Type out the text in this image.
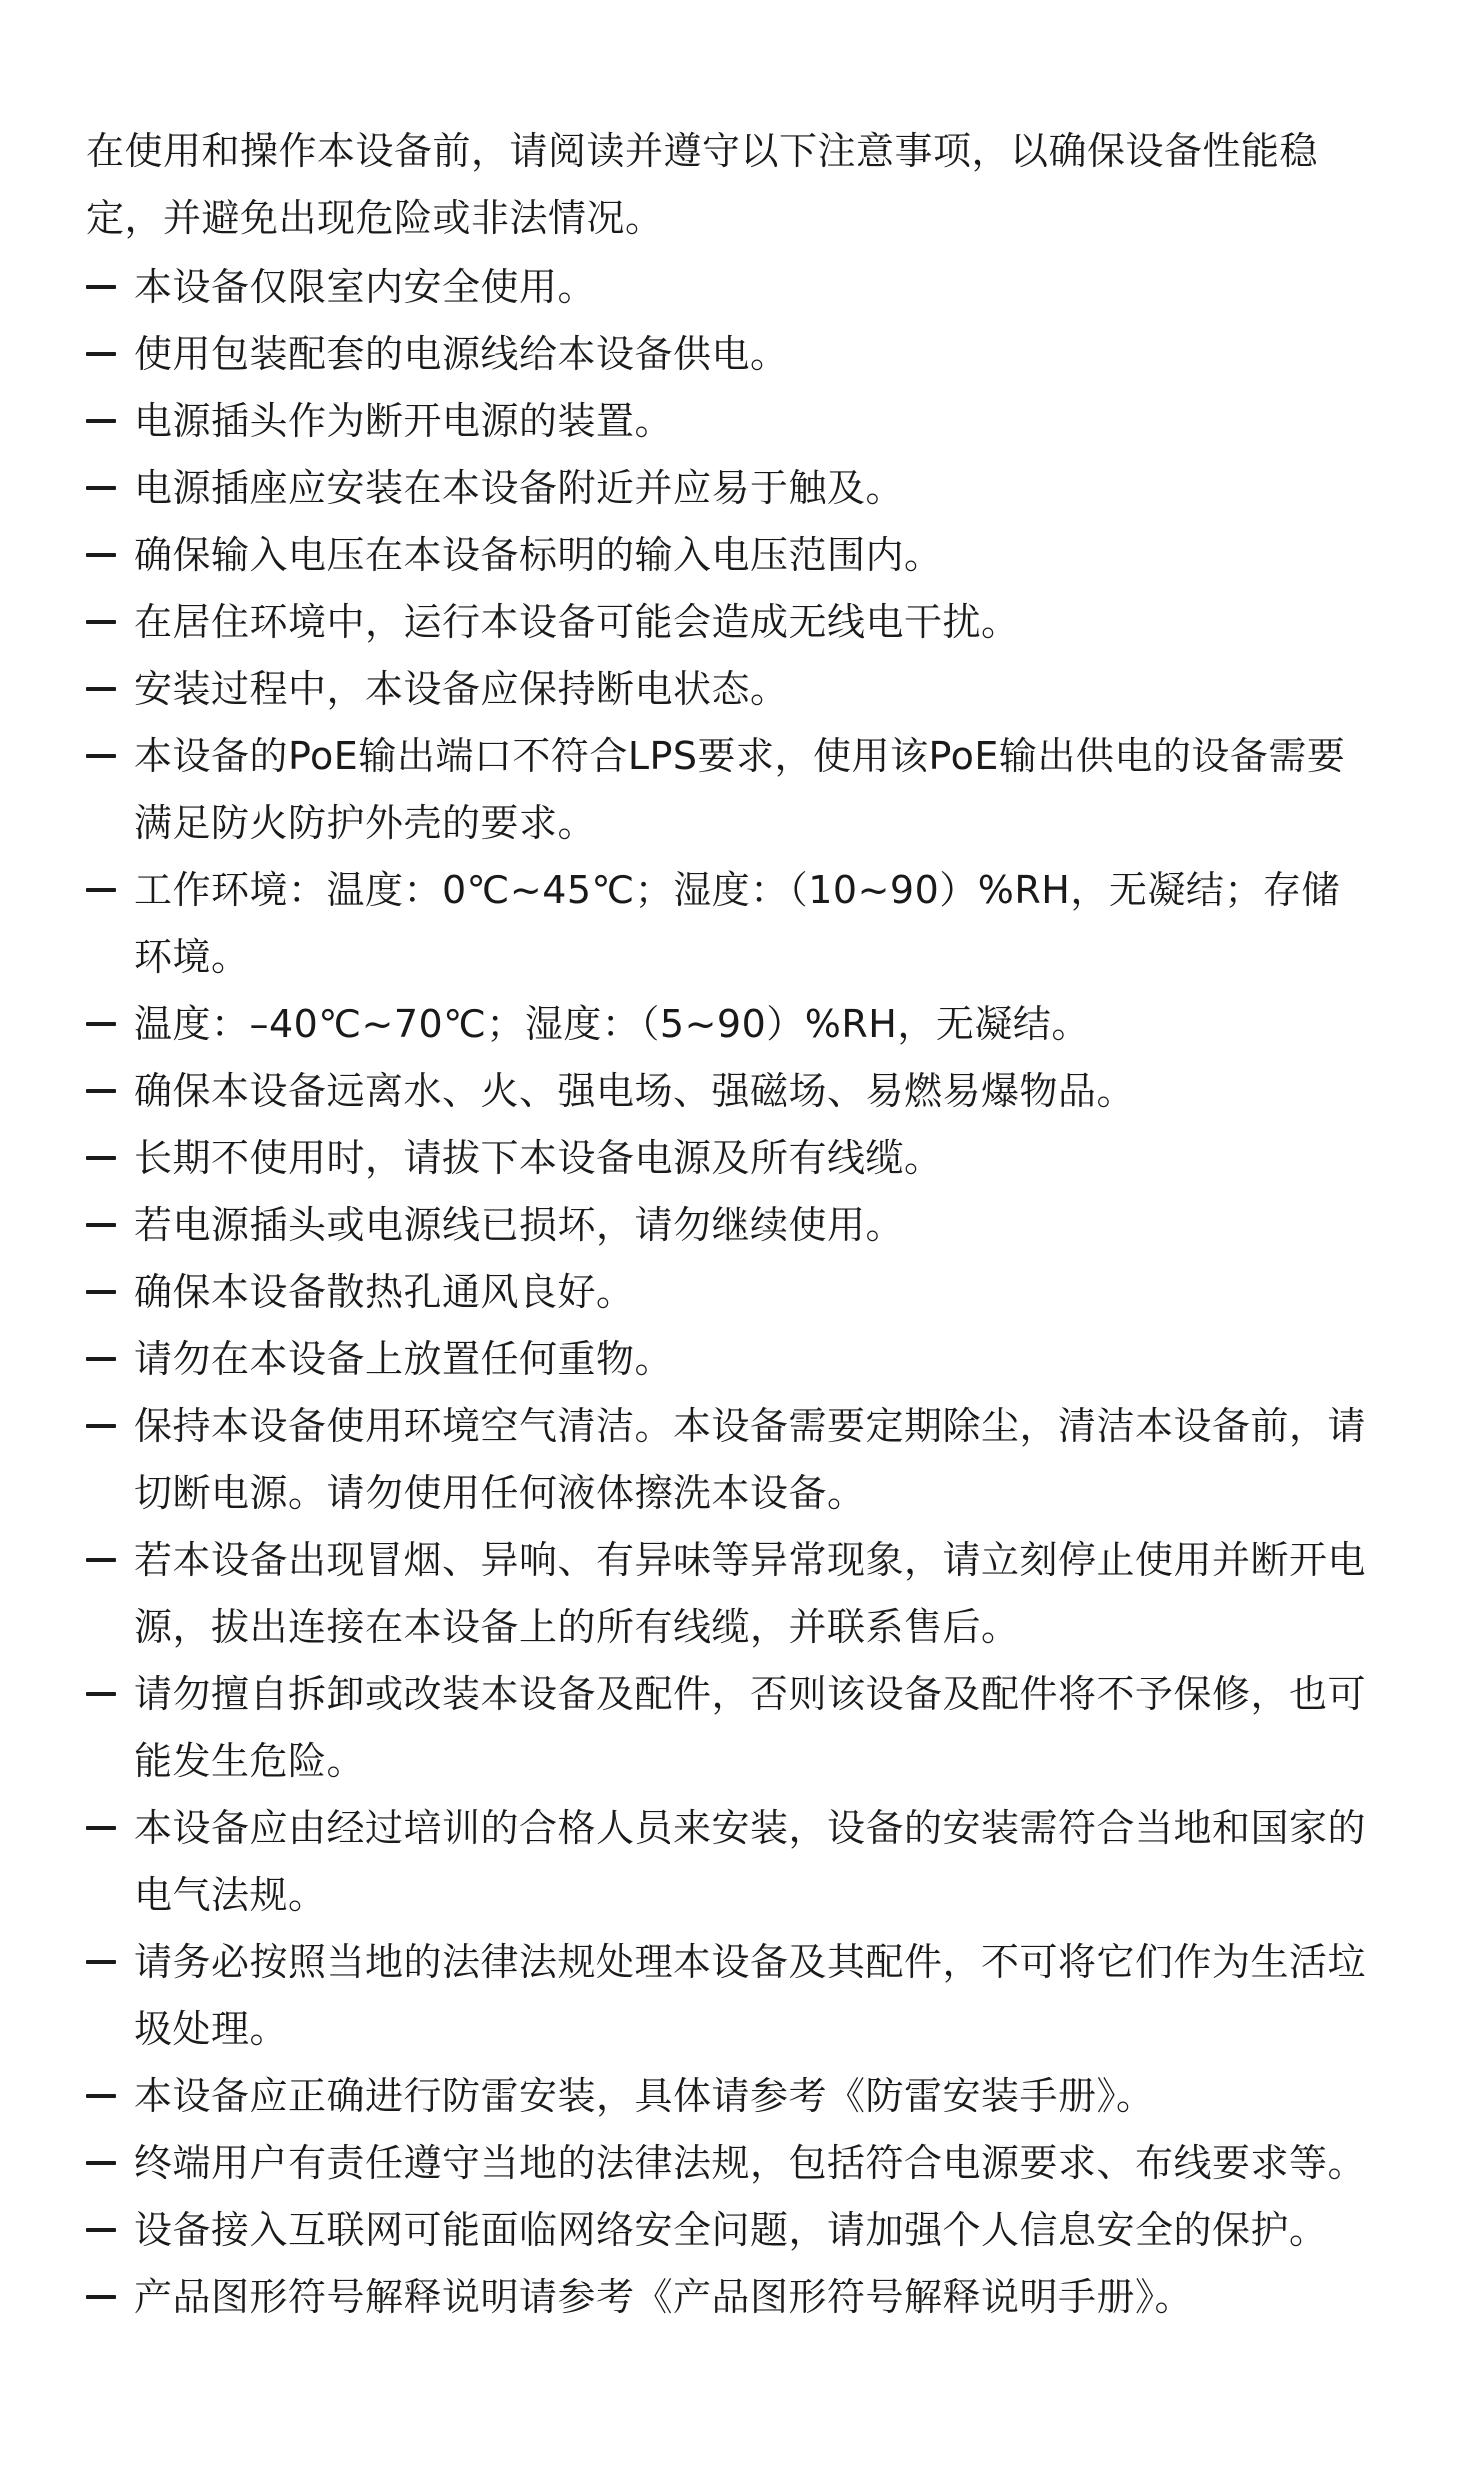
在使用和操作本设备前，请阅读并遵守以下注意事项，以确保设备性能稳定，并避免出现危险或非法情况。

本设备仅限室内安全使用。
使用包装配套的电源线给本设备供电。
电源插头作为断开电源的装置。
电源插座应安装在本设备附近并应易于触及。
确保输入电压在本设备标明的输入电压范围内。
在居住环境中，运行本设备可能会造成无线电干扰。
安装过程中，本设备应保持断电状态。
本设备的PoE输出端口不符合LPS要求，使用该PoE输出供电的设备需要满足防火防护外壳的要求。
工作环境：温度：0℃~45℃；湿度：（10~90）%RH，无凝结；存储环境。
温度：–40℃~70℃；湿度：（5~90）%RH，无凝结。
确保本设备远离水、火、强电场、强磁场、易燃易爆物品。
长期不使用时，请拔下本设备电源及所有线缆。
若电源插头或电源线已损坏，请勿继续使用。
确保本设备散热孔通风良好。
请勿在本设备上放置任何重物。
保持本设备使用环境空气清洁。本设备需要定期除尘，清洁本设备前，请切断电源。请勿使用任何液体擦洗本设备。
若本设备出现冒烟、异响、有异味等异常现象，请立刻停止使用并断开电源，拔出连接在本设备上的所有线缆，并联系售后。
请勿擅自拆卸或改装本设备及配件，否则该设备及配件将不予保修，也可能发生危险。
本设备应由经过培训的合格人员来安装，设备的安装需符合当地和国家的电气法规。
请务必按照当地的法律法规处理本设备及其配件，不可将它们作为生活垃圾处理。
本设备应正确进行防雷安装，具体请参考《防雷安装手册》。
终端用户有责任遵守当地的法律法规，包括符合电源要求、布线要求等。
设备接入互联网可能面临网络安全问题，请加强个人信息安全的保护。
产品图形符号解释说明请参考《产品图形符号解释说明手册》。
